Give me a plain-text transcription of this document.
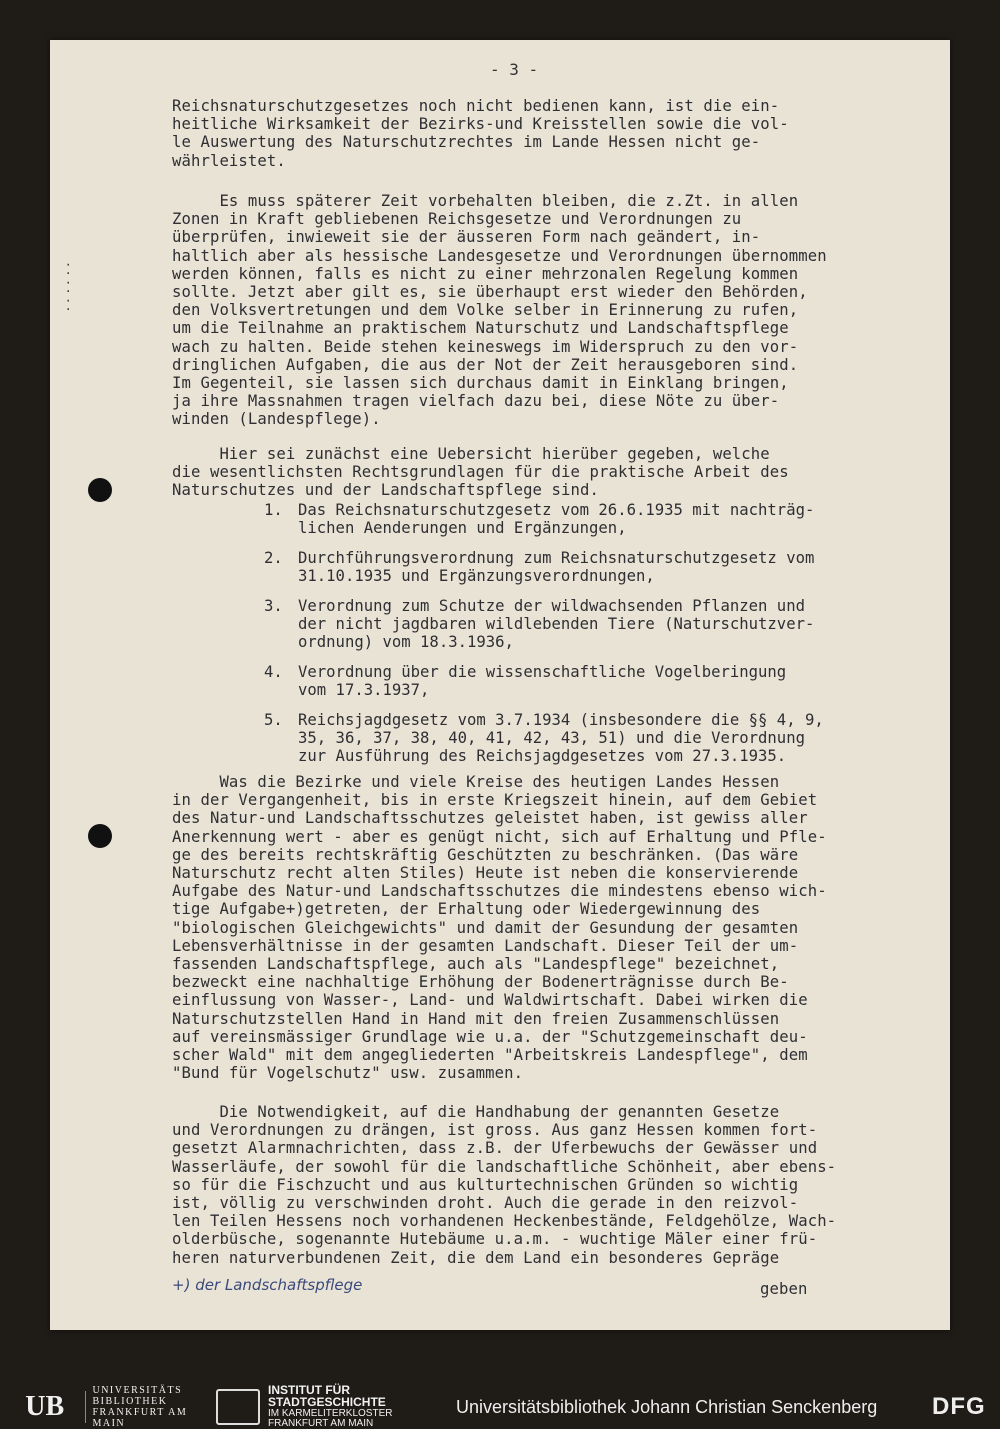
⁚
⁚
⁚
- 3 -
Reichsnaturschutzgesetzes noch nicht bedienen kann, ist die ein-
heitliche Wirksamkeit der Bezirks-und Kreisstellen sowie die vol-
le Auswertung des Naturschutzrechtes im Lande Hessen nicht ge-
währleistet.
Es muss späterer Zeit vorbehalten bleiben, die z.Zt. in allen
Zonen in Kraft gebliebenen Reichsgesetze und Verordnungen zu
überprüfen, inwieweit sie der äusseren Form nach geändert, in-
haltlich aber als hessische Landesgesetze und Verordnungen übernommen
werden können, falls es nicht zu einer mehrzonalen Regelung kommen
sollte. Jetzt aber gilt es, sie überhaupt erst wieder den Behörden,
den Volksvertretungen und dem Volke selber in Erinnerung zu rufen,
um die Teilnahme an praktischem Naturschutz und Landschaftspflege
wach zu halten. Beide stehen keineswegs im Widerspruch zu den vor-
dringlichen Aufgaben, die aus der Not der Zeit herausgeboren sind.
Im Gegenteil, sie lassen sich durchaus damit in Einklang bringen,
ja ihre Massnahmen tragen vielfach dazu bei, diese Nöte zu über-
winden (Landespflege).
Hier sei zunächst eine Uebersicht hierüber gegeben, welche
die wesentlichsten Rechtsgrundlagen für die praktische Arbeit des
Naturschutzes und der Landschaftspflege sind.
1. Das Reichsnaturschutzgesetz vom 26.6.1935 mit nachträg-
lichen Aenderungen und Ergänzungen,
2. Durchführungsverordnung zum Reichsnaturschutzgesetz vom
31.10.1935 und Ergänzungsverordnungen,
3. Verordnung zum Schutze der wildwachsenden Pflanzen und
der nicht jagdbaren wildlebenden Tiere (Naturschutzver-
ordnung) vom 18.3.1936,
4. Verordnung über die wissenschaftliche Vogelberingung
vom 17.3.1937,
5. Reichsjagdgesetz vom 3.7.1934 (insbesondere die §§ 4, 9,
35, 36, 37, 38, 40, 41, 42, 43, 51) und die Verordnung
zur Ausführung des Reichsjagdgesetzes vom 27.3.1935.
Was die Bezirke und viele Kreise des heutigen Landes Hessen
in der Vergangenheit, bis in erste Kriegszeit hinein, auf dem Gebiet
des Natur-und Landschaftsschutzes geleistet haben, ist gewiss aller
Anerkennung wert - aber es genügt nicht, sich auf Erhaltung und Pfle-
ge des bereits rechtskräftig Geschützten zu beschränken. (Das wäre
Naturschutz recht alten Stiles) Heute ist neben die konservierende
Aufgabe des Natur-und Landschaftsschutzes die mindestens ebenso wich-
tige Aufgabe+)getreten, der Erhaltung oder Wiedergewinnung des
"biologischen Gleichgewichts" und damit der Gesundung der gesamten
Lebensverhältnisse in der gesamten Landschaft. Dieser Teil der um-
fassenden Landschaftspflege, auch als "Landespflege" bezeichnet,
bezweckt eine nachhaltige Erhöhung der Bodenerträgnisse durch Be-
einflussung von Wasser-, Land- und Waldwirtschaft. Dabei wirken die
Naturschutzstellen Hand in Hand mit den freien Zusammenschlüssen
auf vereinsmässiger Grundlage wie u.a. der "Schutzgemeinschaft deu-
scher Wald" mit dem angegliederten "Arbeitskreis Landespflege", dem
"Bund für Vogelschutz" usw. zusammen.
Die Notwendigkeit, auf die Handhabung der genannten Gesetze
und Verordnungen zu drängen, ist gross. Aus ganz Hessen kommen fort-
gesetzt Alarmnachrichten, dass z.B. der Uferbewuchs der Gewässer und
Wasserläufe, der sowohl für die landschaftliche Schönheit, aber ebens-
so für die Fischzucht und aus kulturtechnischen Gründen so wichtig
ist, völlig zu verschwinden droht. Auch die gerade in den reizvol-
len Teilen Hessens noch vorhandenen Heckenbestände, Feldgehölze, Wach-
olderbüsche, sogenannte Hutebäume u.a.m. - wuchtige Mäler einer frü-
heren naturverbundenen Zeit, die dem Land ein besonderes Gepräge
+) der Landschaftspflege	geben
UB
UNIVERSITÄTS
BIBLIOTHEK
FRANKFURT AM MAIN
INSTITUT FÜR
STADTGESCHICHTE
IM KARMELITERKLOSTER
FRANKFURT AM MAIN
Universitätsbibliothek Johann Christian Senckenberg DFG
